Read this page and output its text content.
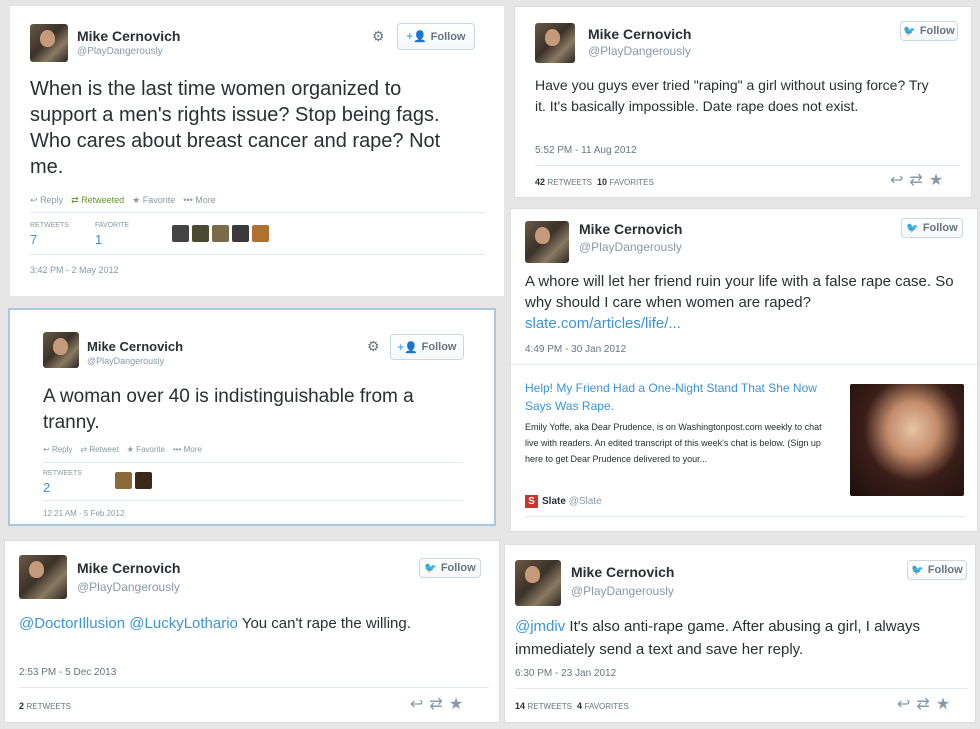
Mike Cernovich
@PlayDangerously
⚙ +👤 Follow
When is the last time women organized to support a men's rights issue? Stop being fags. Who cares about breast cancer and rape? Not me.
↩ Reply ⇄ Retweeted ★ Favorite ••• More
RETWEETS
7
FAVORITE
1
3:42 PM - 2 May 2012
Mike Cernovich
@PlayDangerously
🐦 Follow
Have you guys ever tried "raping" a girl without using force? Try it. It's basically impossible. Date rape does not exist.
5:52 PM - 11 Aug 2012
42 RETWEETS 10 FAVORITES	↩⇄★
Mike Cernovich
@PlayDangerously
⚙ +👤 Follow
A woman over 40 is indistinguishable from a tranny.
↩ Reply ⇄ Retweet ★ Favorite ••• More
RETWEETS
2
12:21 AM - 5 Feb 2012
Mike Cernovich
@PlayDangerously
🐦 Follow
A whore will let her friend ruin your life with a false rape case. So why should I care when women are raped? slate.com/articles/life/...
4:49 PM - 30 Jan 2012
Help! My Friend Had a One-Night Stand That She Now Says Was Rape.
Emily Yoffe, aka Dear Prudence, is on Washingtonpost.com weekly to chat live with readers. An edited transcript of this week's chat is below. (Sign up here to get Dear Prudence delivered to your...
S Slate @Slate
Mike Cernovich
@PlayDangerously
🐦 Follow
@DoctorIllusion @LuckyLothario You can't rape the willing.
2:53 PM - 5 Dec 2013
2 RETWEETS	↩⇄★
Mike Cernovich
@PlayDangerously
🐦 Follow
@jmdiv It's also anti-rape game. After abusing a girl, I always immediately send a text and save her reply.
6:30 PM - 23 Jan 2012
14 RETWEETS 4 FAVORITES	↩⇄★
